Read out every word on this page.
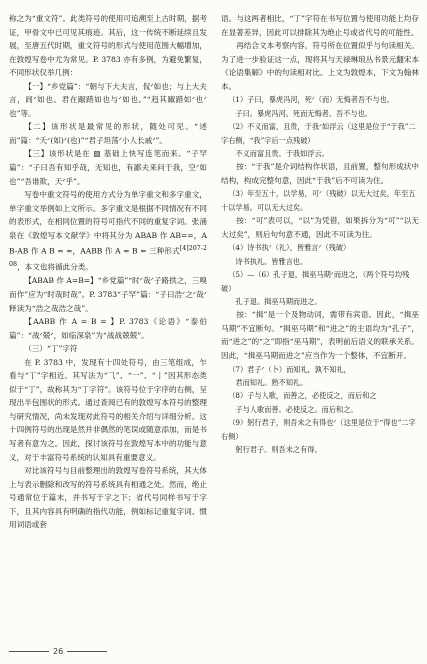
称之为“重文符”。此类符号的使用可追溯至上古时期，据考证，甲骨文中已可见其痕迹。其后，这一传统不断延续且发展，至唐五代时期，重文符号的形式与使用范围大幅增加，在敦煌写卷中尤为常见。P. 3783 亦有多例，为避免繁复，不同形状仅举几例：

【一】“乡党篇”：“朝与下大夫言，侃ᐟ如也；与上大夫言，闾ᐟ如也。君在踧踖如也与ᐟ如也。”“趋其踧踖如ᐟ也ᐟ也”等。

【二】该形状是最常见的形状，随处可见。“述而”篇：“夭ᐟ(如)ᐟ(也)”“君子坦荡ᐟ小人长戚ᐟ”。

【三】该形状是在 ▨ 基础上快写连笔而来。“子罕篇”：“子曰吾有知乎哉，无知也，有鄙夫来问于我，空ᐟ如也”“吾谁欺，天ᐟ乎”。

写卷中重文符号的使用方式分为单字重文和多字重文，单字重文举例如上文所示。多字重文是根据不同情况有不同的表形式，在相同位置的符号可指代不同的重复字词。张涌泉在《敦煌写本文献学》中将其分为 ABAB 作 AB==，AB-AB 作 A B = =，AABB 作 A = B = 三种形式$^{[4]207-208}$，本文也将循此分类。

【ABAB 作 A=B=】“乡党篇”“时ᐟ哉ᐟ子路拱之，三嗅而作”应为“时哉时哉”。P. 3783“子罕”篇：“子曰浩ᐟ之ᐟ哉ᐟ释读为“浩之哉浩之哉”。

【AABB 作 A = B = 】P. 3783《论语》“泰伯篇”：“战ᐟ兢ᐟ，如临深泉”为“战战兢兢”。

（三）“丁”字符

在 P. 3783 中，发现有十四处符号，由三笔组成，乍看与“丁”字相近。其写法为“⺄”、“一”、“亅”因其形态类似于“丁”，故称其为“丁字符”。该符号位于字序的右侧，呈现出半包围状的形式。通过查阅已有的敦煌写本符号的整理与研究情况，尚未发现对此符号的相关介绍与详细分析。这十四例符号的出现是然并非偶然的笔误或随意添加，而是书写者有意为之。因此，探讨该符号在敦煌写本中的功能与意义，对于丰富符号系统的认知具有重要意义。

对比该符号与目前整理出的敦煌写卷符号系统，其大体上与表示删除和改写的符号系统具有相通之处。然而，绝止号通常位于篇末，并书写于字之下；省代号同样书写于字下，且其内容具有明确的指代功能，例如标记重复字词、惯用词语或套

语。与这两者相比，“丁”字符在书写位置与使用功能上均存在显著差异，因此可以排除其为绝止号或省代号的可能性。

再结合文本考察内容，符号所在位置似乎与句读相关。为了进一步验证这一点，现将其与天禄琳琅丛书景元翻宋本《论语集解》中的句读相对比。上文为敦煌本，下文为翰林本。

（1）子曰，暴虎冯河，死ᐟ（而）无悔者吾不与也。

子曰。暴虎冯河。死而无悔者。吾不与也。

（2）不义而富，且贵，于我ᐟ如浮云（这里是位于“于我”二字右侧，“我”字后一点残破）

不义而富且贵。于我如浮云。

按：“于我”是介词结构作状语，且前置，整句形成状中结构，构成完整句意，因此“于我”后不可读为住。

（3）年至五十，以学易，可ᐟ（残破）以无大过矣，年至五十以学易。可以无大过矣。

按：“可”表可以，“以”为凭借，如果拆分为“可”“以无大过矣”，则后句句意不通，因此不可读为住。

（4）诗书执ᐟ（礼），皆雅言ᐟ（残破）

诗书执礼。皆雅言也。

（5）—（6）孔子退，揖巫马期ᐟ而进之，（两个符号均残破）

孔子退。揖巫马期而进之。

按：“揖”是一个及物动词，需带有宾语。因此，“揖巫马期”不宜断句。“揖巫马期”和“进之”的主语均为“孔子”，而“进之”的“之”即指“巫马期”，表明前后语义的联承关系。因此，“揖巫马期而进之”应当作为一个整体，不宜断开。

（7）君子ᐟ（卜）而知礼，孰不知礼，

君而知礼。熟不知礼。

（8）子与人歌，而善之，必使反之，而后和之

子与人歌而善。必使反之。而后和之。

（9）躬行君子，则吾未之有得也ᐟ（这里是位于“得也”二字右侧）

躬行君子。则吾未之有得。

26
